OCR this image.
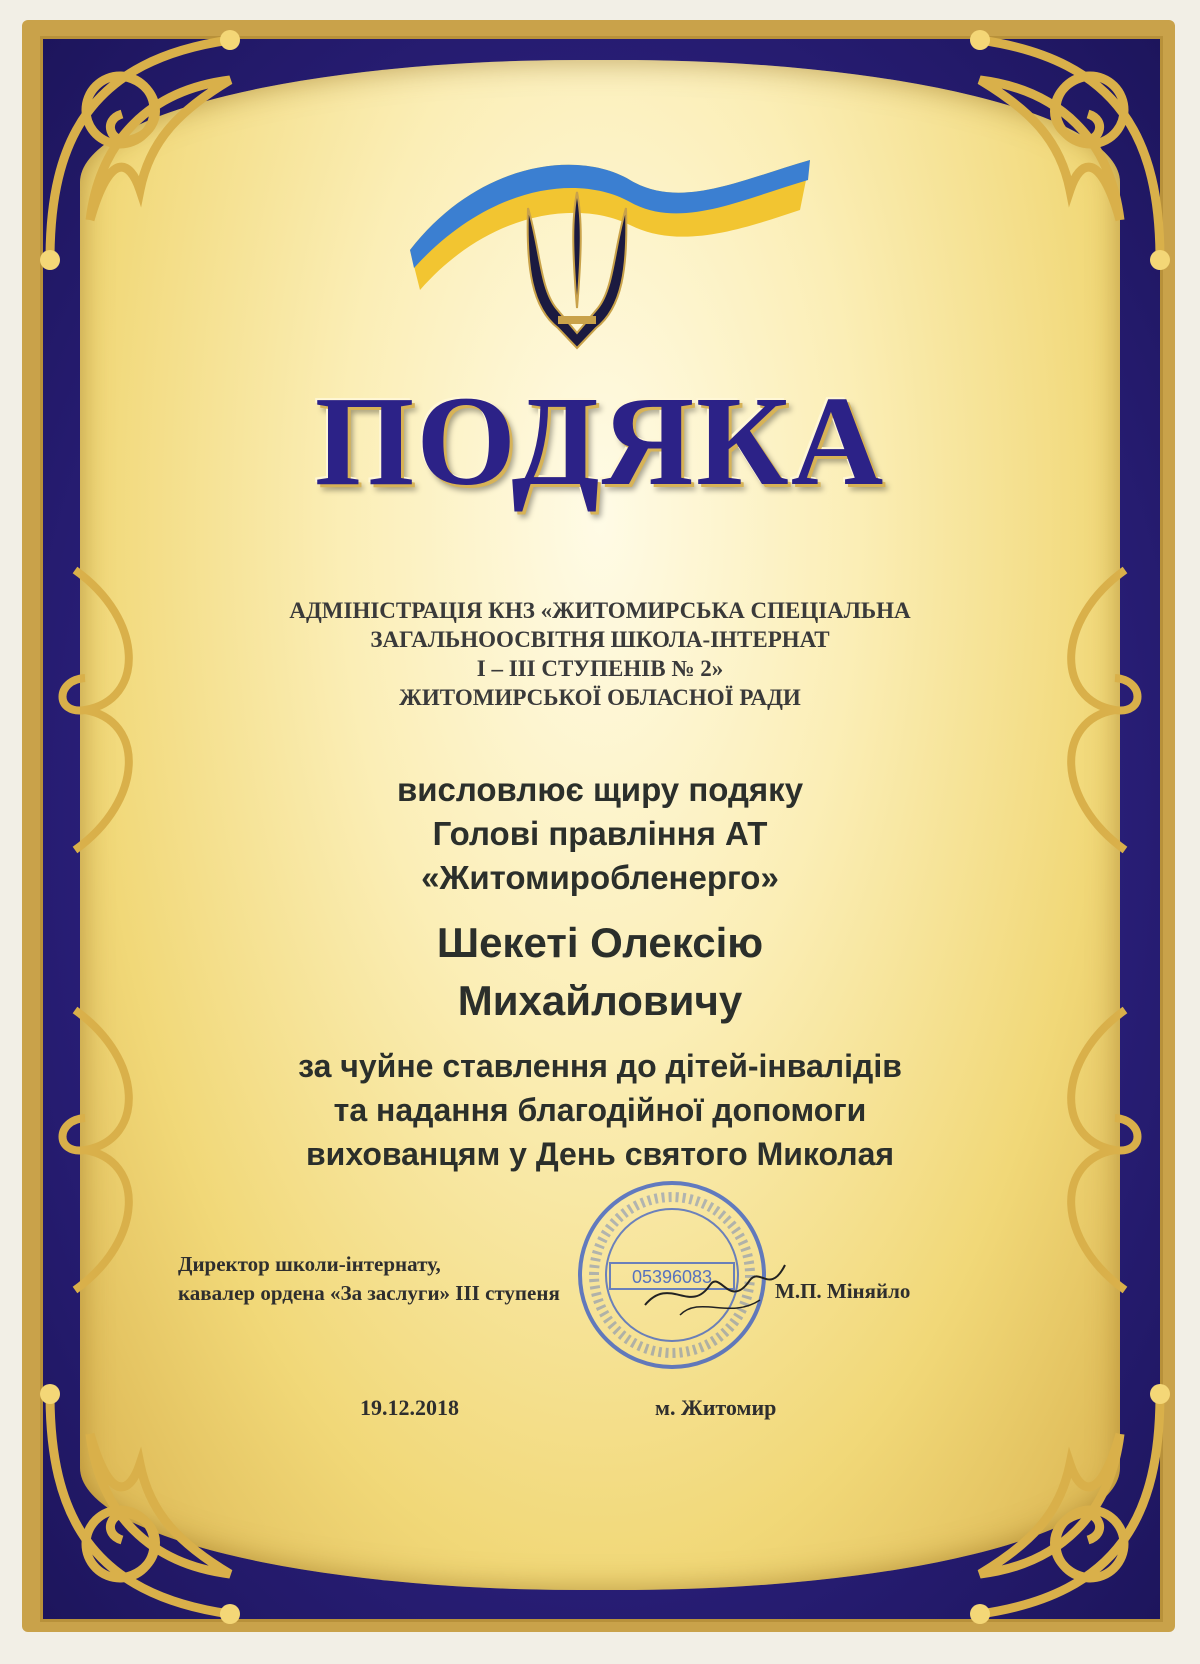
ПОДЯКА
АДМІНІСТРАЦІЯ КНЗ «ЖИТОМИРСЬКА СПЕЦІАЛЬНА
ЗАГАЛЬНООСВІТНЯ ШКОЛА-ІНТЕРНАТ
І – ІІІ СТУПЕНІВ № 2»
ЖИТОМИРСЬКОЇ ОБЛАСНОЇ РАДИ
висловлює щиру подяку
Голові правління АТ
«Житомиробленерго»
Шекеті Олексію
Михайловичу
за чуйне ставлення до дітей-інвалідів
та надання благодійної допомоги
вихованцям у День святого Миколая
05396083
Директор школи-інтернату,
кавалер ордена «За заслуги» ІІІ ступеня	М.П. Міняйло
19.12.2018	м. Житомир
